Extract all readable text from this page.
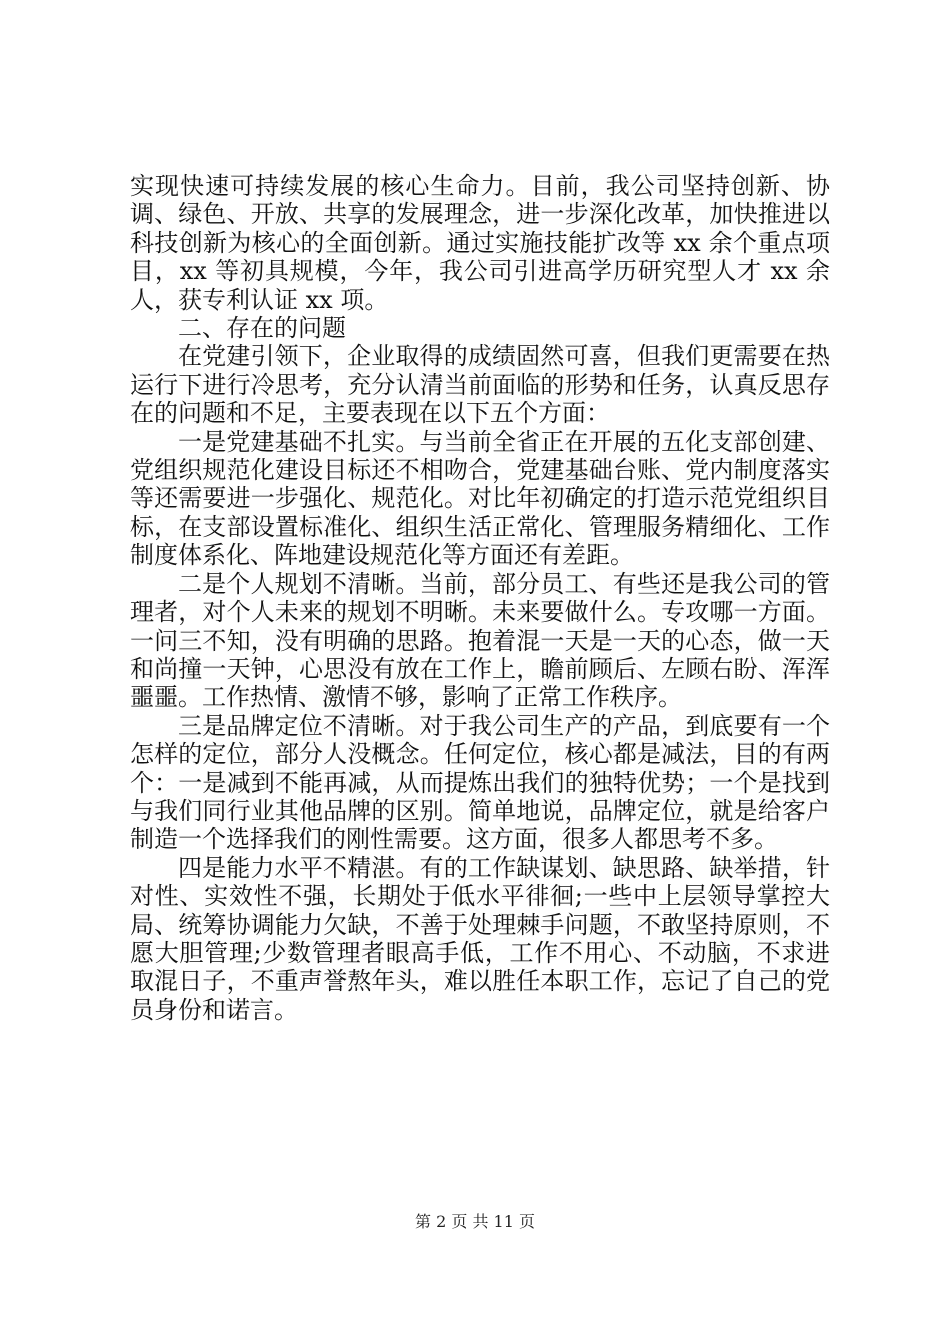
实现快速可持续发展的核心生命力。目前，我公司坚持创新、协调、绿色、开放、共享的发展理念，进一步深化改革，加快推进以科技创新为核心的全面创新。通过实施技能扩改等 xx 余个重点项目，xx 等初具规模，今年，我公司引进高学历研究型人才 xx 余人，获专利认证 xx 项。

二、存在的问题

在党建引领下，企业取得的成绩固然可喜，但我们更需要在热运行下进行冷思考，充分认清当前面临的形势和任务，认真反思存在的问题和不足，主要表现在以下五个方面：

一是党建基础不扎实。与当前全省正在开展的五化支部创建、党组织规范化建设目标还不相吻合，党建基础台账、党内制度落实等还需要进一步强化、规范化。对比年初确定的打造示范党组织目标，在支部设置标准化、组织生活正常化、管理服务精细化、工作制度体系化、阵地建设规范化等方面还有差距。

二是个人规划不清晰。当前，部分员工、有些还是我公司的管理者，对个人未来的规划不明晰。未来要做什么。专攻哪一方面。一问三不知，没有明确的思路。抱着混一天是一天的心态，做一天和尚撞一天钟，心思没有放在工作上，瞻前顾后、左顾右盼、浑浑噩噩。工作热情、激情不够，影响了正常工作秩序。

三是品牌定位不清晰。对于我公司生产的产品，到底要有一个怎样的定位，部分人没概念。任何定位，核心都是减法，目的有两个：一是减到不能再减，从而提炼出我们的独特优势；一个是找到与我们同行业其他品牌的区别。简单地说，品牌定位，就是给客户制造一个选择我们的刚性需要。这方面，很多人都思考不多。

四是能力水平不精湛。有的工作缺谋划、缺思路、缺举措，针对性、实效性不强，长期处于低水平徘徊;一些中上层领导掌控大局、统筹协调能力欠缺，不善于处理棘手问题，不敢坚持原则，不愿大胆管理;少数管理者眼高手低，工作不用心、不动脑，不求进取混日子，不重声誉熬年头，难以胜任本职工作，忘记了自己的党员身份和诺言。

第 2 页 共 11 页
